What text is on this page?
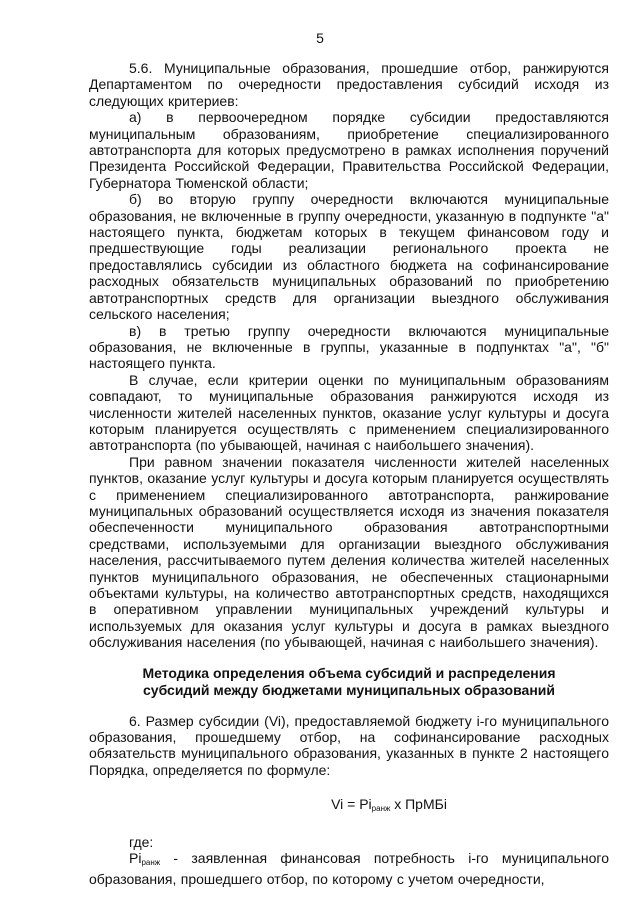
5

5.6. Муниципальные образования, прошедшие отбор, ранжируются Департаментом по очередности предоставления субсидий исходя из следующих критериев:

а) в первоочередном порядке субсидии предоставляются муниципальным образованиям, приобретение специализированного автотранспорта для которых предусмотрено в рамках исполнения поручений Президента Российской Федерации, Правительства Российской Федерации, Губернатора Тюменской области;

б) во вторую группу очередности включаются муниципальные образования, не включенные в группу очередности, указанную в подпункте "а" настоящего пункта, бюджетам которых в текущем финансовом году и предшествующие годы реализации регионального проекта не предоставлялись субсидии из областного бюджета на софинансирование расходных обязательств муниципальных образований по приобретению автотранспортных средств для организации выездного обслуживания сельского населения;

в) в третью группу очередности включаются муниципальные образования, не включенные в группы, указанные в подпунктах "а", "б" настоящего пункта.

В случае, если критерии оценки по муниципальным образованиям совпадают, то муниципальные образования ранжируются исходя из численности жителей населенных пунктов, оказание услуг культуры и досуга которым планируется осуществлять с применением специализированного автотранспорта (по убывающей, начиная с наибольшего значения).

При равном значении показателя численности жителей населенных пунктов, оказание услуг культуры и досуга которым планируется осуществлять с применением специализированного автотранспорта, ранжирование муниципальных образований осуществляется исходя из значения показателя обеспеченности муниципального образования автотранспортными средствами, используемыми для организации выездного обслуживания населения, рассчитываемого путем деления количества жителей населенных пунктов муниципального образования, не обеспеченных стационарными объектами культуры, на количество автотранспортных средств, находящихся в оперативном управлении муниципальных учреждений культуры и используемых для оказания услуг культуры и досуга в рамках выездного обслуживания населения (по убывающей, начиная с наибольшего значения).

Методика определения объема субсидий и распределения
субсидий между бюджетами муниципальных образований

6. Размер субсидии (Vi), предоставляемой бюджету i-го муниципального образования, прошедшему отбор, на софинансирование расходных обязательств муниципального образования, указанных в пункте 2 настоящего Порядка, определяется по формуле:

$Vi = Pi_{ранж}$ х ПрМБi

где:

$Pi_{ранж}$ - заявленная финансовая потребность i-го муниципального образования, прошедшего отбор, по которому с учетом очередности,
